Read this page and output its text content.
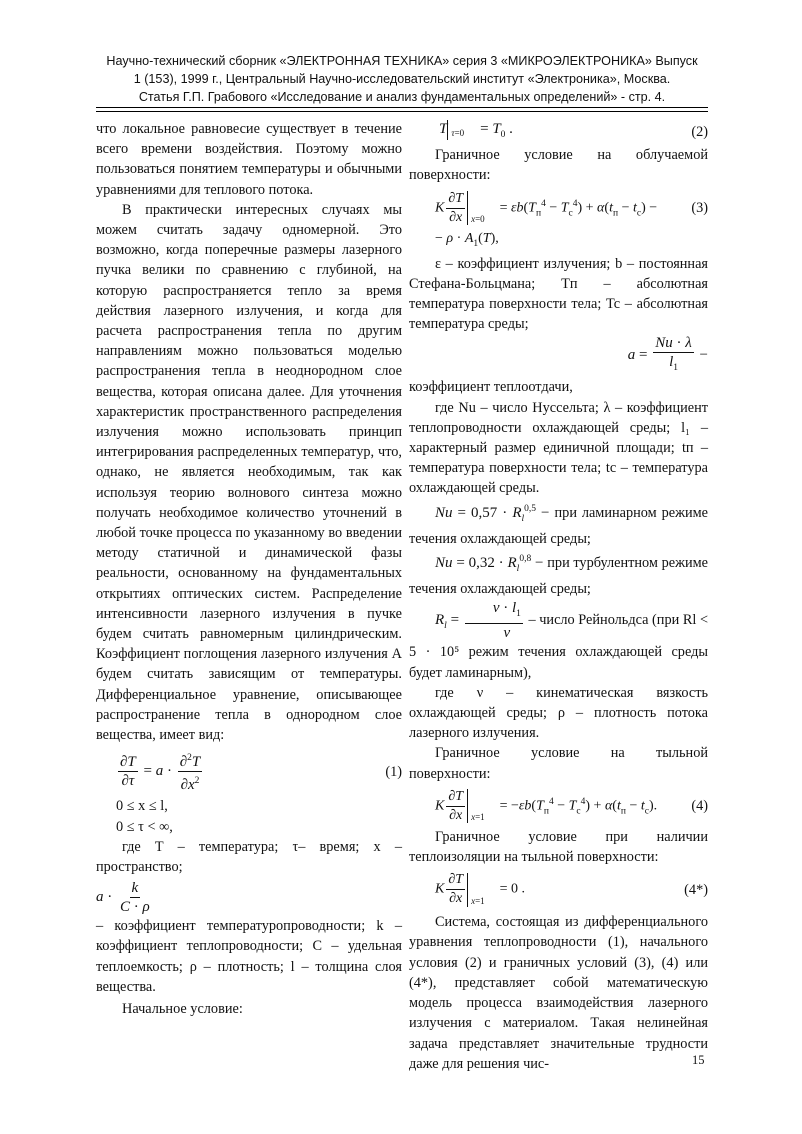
Научно-технический сборник «ЭЛЕКТРОННАЯ ТЕХНИКА» серия 3 «МИКРОЭЛЕКТРОНИКА» Выпуск
1 (153), 1999 г., Центральный Научно-исследовательский институт «Электроника», Москва.
Статья Г.П. Грабового «Исследование и анализ фундаментальных определений» - стр. 4.

что локальное равновесие существует в течение всего времени воздействия. Поэтому можно пользоваться понятием температуры и обычными уравнениями для теплового потока.

В практически интересных случаях мы можем считать задачу одномерной. Это возможно, когда поперечные размеры лазерного пучка велики по сравнению с глубиной, на которую распространяется тепло за время действия лазерного излучения, и когда для расчета распространения тепла по другим направлениям можно пользоваться моделью распространения тепла в неоднородном слое вещества, которая описана далее. Для уточнения характеристик пространственного распределения излучения можно использовать принцип интегрирования распределенных температур, что, однако, не является необходимым, так как используя теорию волнового синтеза можно получать необходимое количество уточнений в любой точке процесса по указанному во введении методу статичной и динамической фазы реальности, основанному на фундаментальных открытиях оптических систем. Распределение интенсивности лазерного излучения в пучке будем считать равномерным цилиндрическим. Коэффициент поглощения лазерного излучения А будем считать зависящим от температуры. Дифференциальное уравнение, описывающее распространение тепла в однородном слое вещества, имеет вид:

$\frac{\partial T}{\partial\tau} = a \cdot \frac{\partial^2T}{\partial x^2}$	(1)

0 ≤ x ≤ l,

0 ≤ τ < ∞,

где T – температура; τ– время; x – пространство;

$a \cdot \frac{k}{C \cdot \rho}$

– коэффициент температуропроводности; k – коэффициент теплопроводности; С – удельная теплоемкость; ρ – плотность; l – толщина слоя вещества.

Начальное условие:

T $\tau=0 = T_0$ .	(2)

Граничное условие на облучаемой поверхности:

K $\frac{\partial T}{\partial x} x=0$
= $\varepsilon b(T_п^4 - T_c^4) + \alpha(t_п - t_c) - (3)$
− $\rho \cdot A_1(T)$,

ε – коэффициент излучения; b – постоянная Стефана-Больцмана; Tп – абсолютная температура поверхности тела; Tc – абсолютная температура среды;

$a = \frac{Nu \cdot \lambda}{l_1}$ −

коэффициент теплоотдачи,

где Nu – число Нуссельта; λ – коэффициент теплопроводности охлаждающей среды; l₁ – характерный размер единичной площади; tп – температура поверхности тела; tc – температура охлаждающей среды.

$Nu = 0,57 \cdot R_l^{0,5}$ − при ламинарном режиме течения охлаждающей среды;

$Nu = 0,32 \cdot R_l^{0,8}$ − при турбулентном режиме течения охлаждающей среды;

$R_l = \frac{\nu \cdot l_1}{\nu}$ – число Рейнольдса (при Rl < 5 · 10⁵ режим течения охлаждающей среды будет ламинарным),

где ν – кинематическая вязкость охлаждающей среды; ρ – плотность потока лазерного излучения.

Граничное условие на тыльной поверхности:

K $\frac{\partial T}{\partial x} x=1$
= $-\varepsilon b(T_п^4 - T_c^4) + \alpha(t_п - t_c)$. (4)

Граничное условие при наличии теплоизоляции на тыльной поверхности:

K $\frac{\partial T}{\partial x} x=1$
= 0 .	(4*)

Система, состоящая из дифференциального уравнения теплопроводности (1), начального условия (2) и граничных условий (3), (4) или (4*), представляет собой математическую модель процесса взаимодействия лазерного излучения с материалом. Такая нелинейная задача представляет значительные трудности даже для решения чис-	15
